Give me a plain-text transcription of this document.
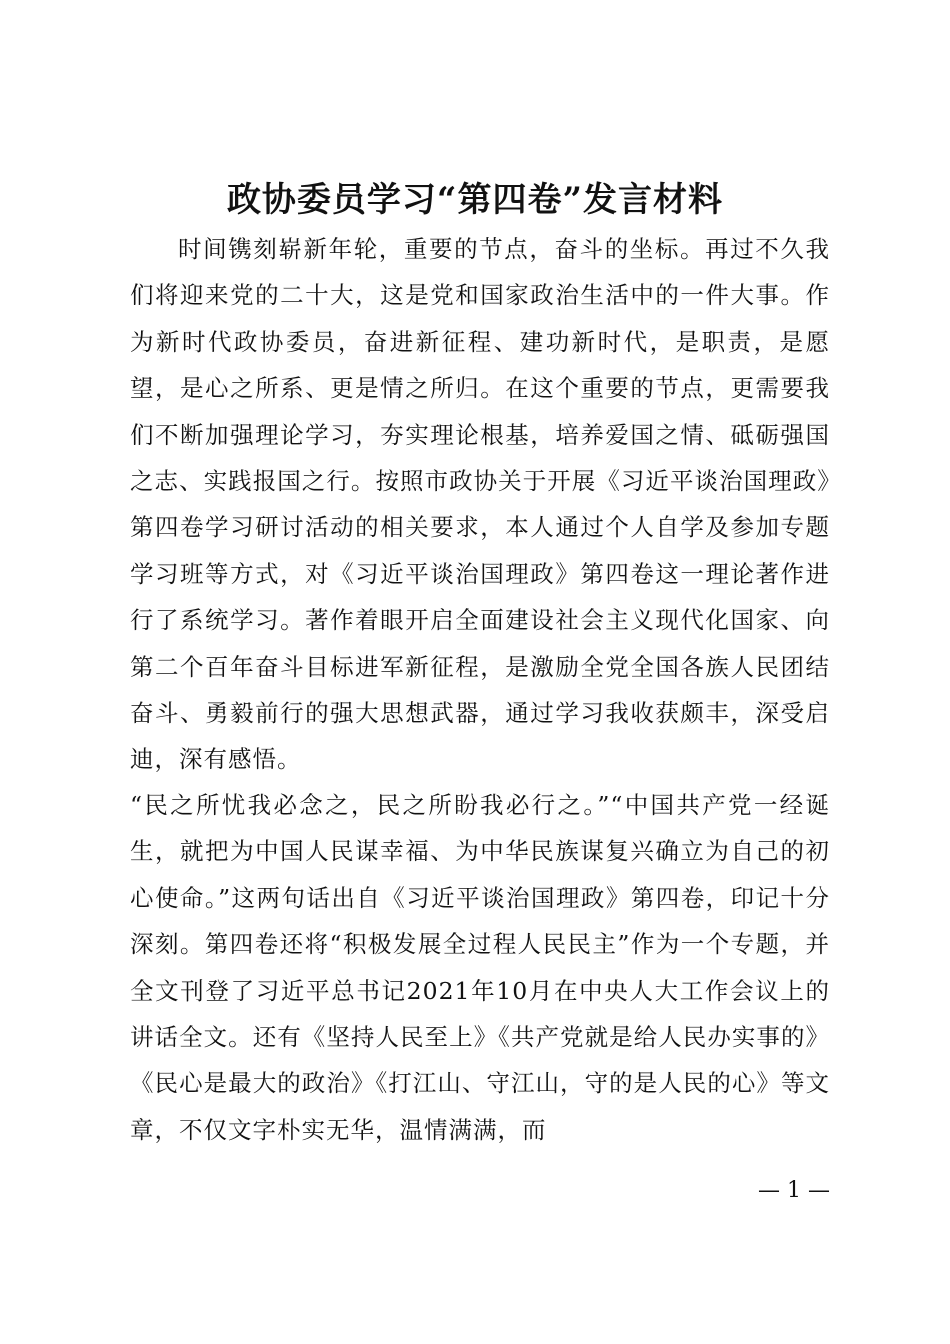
政协委员学习“第四卷”发言材料

时间镌刻崭新年轮，重要的节点，奋斗的坐标。再过不久我们将迎来党的二十大，这是党和国家政治生活中的一件大事。作为新时代政协委员，奋进新征程、建功新时代，是职责，是愿望，是心之所系、更是情之所归。在这个重要的节点，更需要我们不断加强理论学习，夯实理论根基，培养爱国之情、砥砺强国之志、实践报国之行。按照市政协关于开展《习近平谈治国理政》第四卷学习研讨活动的相关要求，本人通过个人自学及参加专题学习班等方式，对《习近平谈治国理政》第四卷这一理论著作进行了系统学习。著作着眼开启全面建设社会主义现代化国家、向第二个百年奋斗目标进军新征程，是激励全党全国各族人民团结奋斗、勇毅前行的强大思想武器，通过学习我收获颇丰，深受启迪，深有感悟。

“民之所忧我必念之，民之所盼我必行之。”“中国共产党一经诞生，就把为中国人民谋幸福、为中华民族谋复兴确立为自己的初心使命。”这两句话出自《习近平谈治国理政》第四卷，印记十分深刻。第四卷还将“积极发展全过程人民民主”作为一个专题，并全文刊登了习近平总书记2021年10月在中央人大工作会议上的讲话全文。还有《坚持人民至上》《共产党就是给人民办实事的》《民心是最大的政治》《打江山、守江山，守的是人民的心》等文章，不仅文字朴实无华，温情满满，而

— 1 —
